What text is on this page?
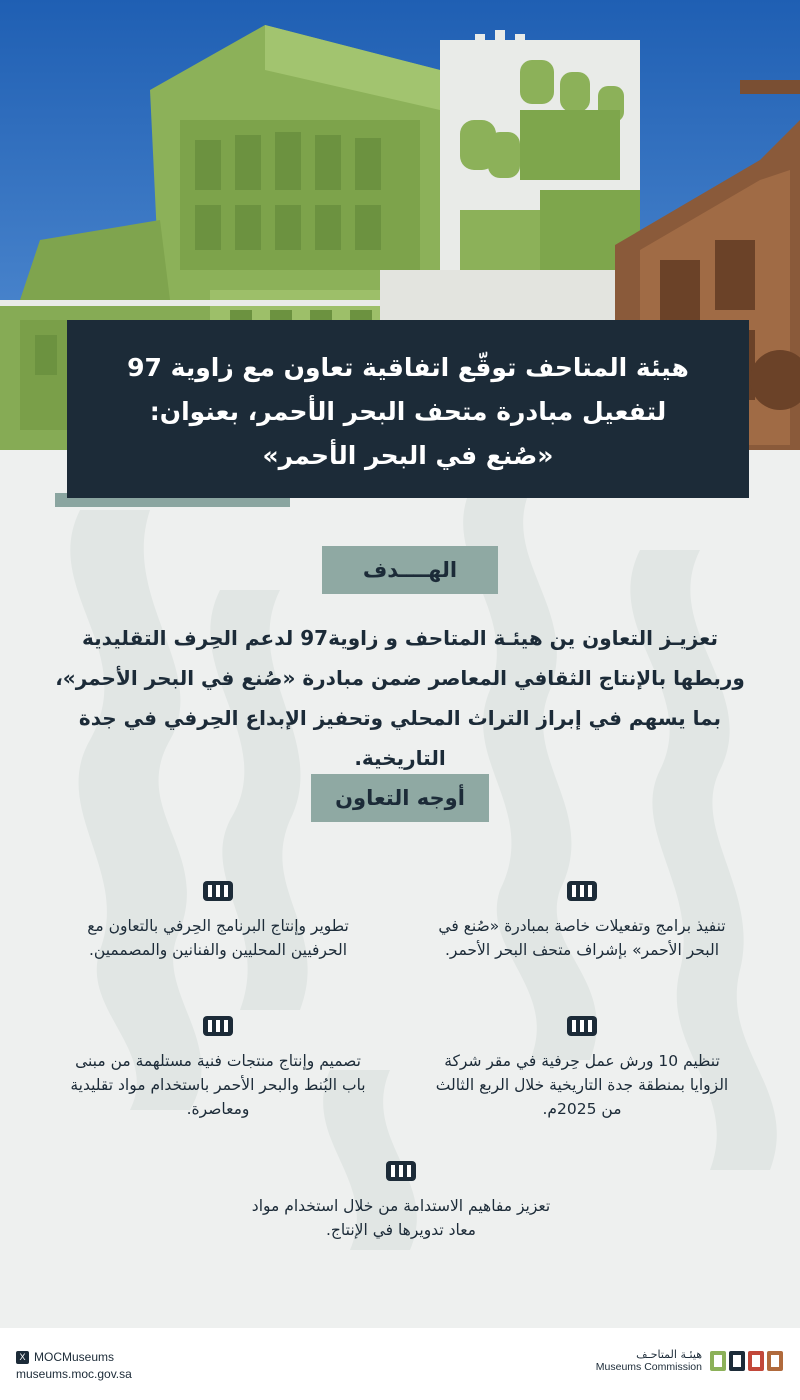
هيئة المتاحف توقّع اتفاقية تعاون مع زاوية 97

لتفعيل مبادرة متحف البحر الأحمر، بعنوان:

«صُنع في البحر الأحمر»

الهــــدف

تعزيـز التعاون ين هيئـة المتاحف و زاوية97 لدعم الحِرف التقليدية وربطها بالإنتاج الثقافي المعاصر ضمن مبادرة «صُنع في البحر الأحمر»، بما يسهم في إبراز التراث المحلي وتحفيز الإبداع الحِرفي في جدة التاريخية.

أوجه التعاون

تنفيذ برامج وتفعيلات خاصة بمبادرة «صُنع في البحر الأحمر» بإشراف متحف البحر الأحمر.

تطوير وإنتاج البرنامج الحِرفي بالتعاون مع الحرفيين المحليين والفنانين والمصممين.

تنظيم 10 ورش عمل حِرفية في مقر شركة الزوايا بمنطقة جدة التاريخية خلال الربع الثالث من 2025م.

تصميم وإنتاج منتجات فنية مستلهمة من مبنى باب البُنط والبحر الأحمر باستخدام مواد تقليدية ومعاصرة.

تعزيز مفاهيم الاستدامة من خلال استخدام مواد معاد تدويرها في الإنتاج.

X MOCMuseums
museums.moc.gov.sa
هيئـة المتاحـف
Museums Commission
